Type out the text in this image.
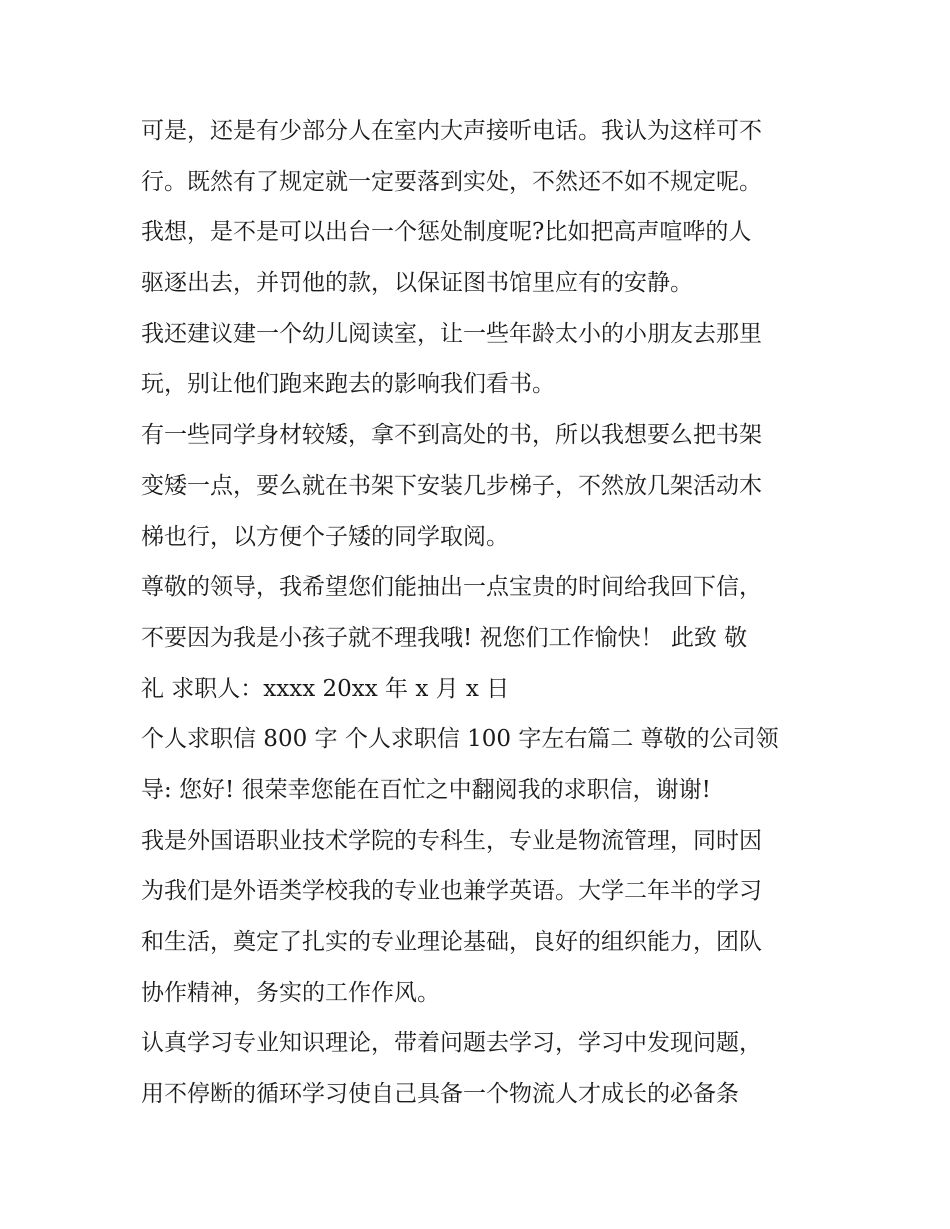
可是，还是有少部分人在室内大声接听电话。我认为这样可不
行。既然有了规定就一定要落到实处，不然还不如不规定呢。
我想，是不是可以出台一个惩处制度呢?比如把高声喧哗的人
驱逐出去，并罚他的款，以保证图书馆里应有的安静。

我还建议建一个幼儿阅读室，让一些年龄太小的小朋友去那里
玩，别让他们跑来跑去的影响我们看书。

有一些同学身材较矮，拿不到高处的书，所以我想要么把书架
变矮一点，要么就在书架下安装几步梯子，不然放几架活动木
梯也行，以方便个子矮的同学取阅。

尊敬的领导，我希望您们能抽出一点宝贵的时间给我回下信，
不要因为我是小孩子就不理我哦! 祝您们工作愉快！ 此致 敬
礼 求职人：xxxx 20xx 年 x 月 x 日

个人求职信 800 字 个人求职信 100 字左右篇二 尊敬的公司领
导: 您好! 很荣幸您能在百忙之中翻阅我的求职信，谢谢!

我是外国语职业技术学院的专科生，专业是物流管理，同时因
为我们是外语类学校我的专业也兼学英语。大学二年半的学习
和生活，奠定了扎实的专业理论基础，良好的组织能力，团队
协作精神，务实的工作作风。

认真学习专业知识理论，带着问题去学习，学习中发现问题，
用不停断的循环学习使自己具备一个物流人才成长的必备条
